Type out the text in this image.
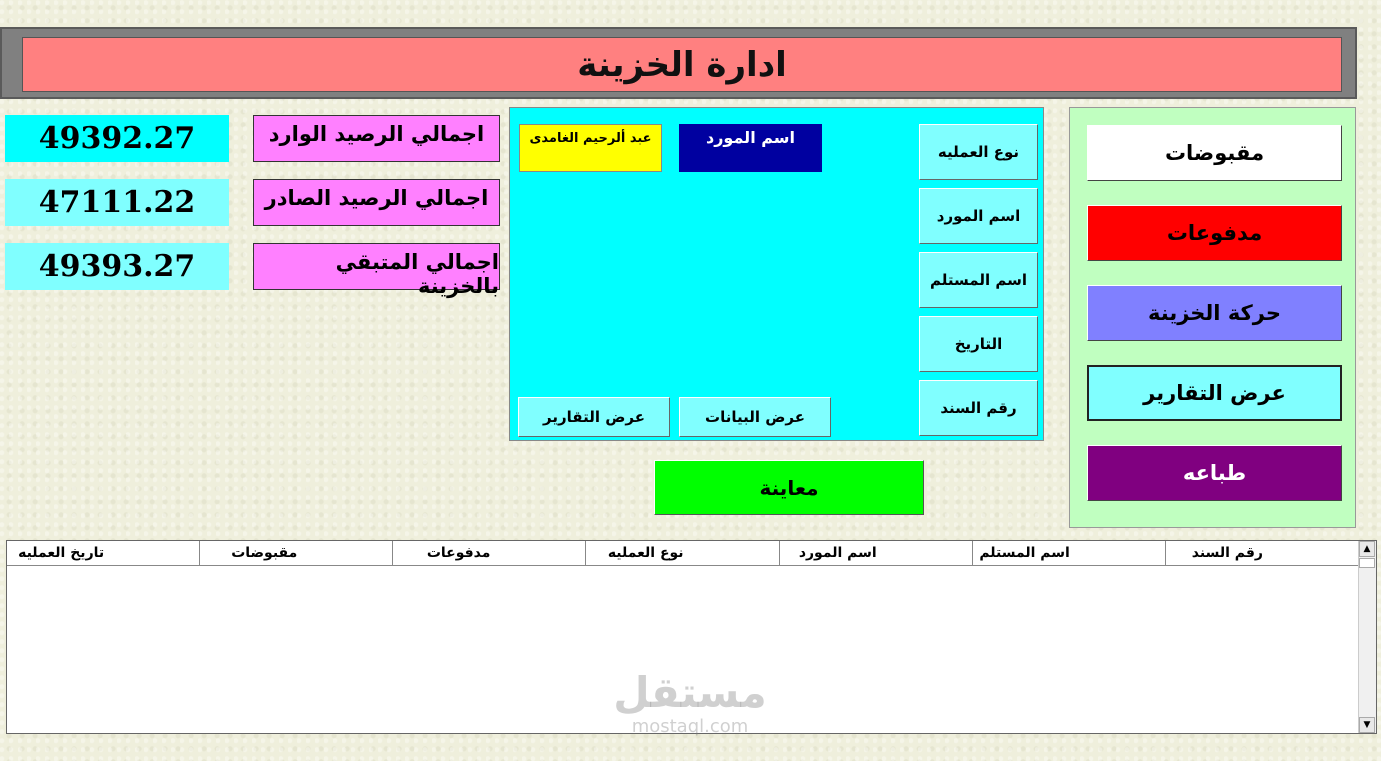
ادارة الخزينة
49392.27	اجمالي الرصيد الوارد
47111.22	اجمالي الرصيد الصادر
49393.27	اجمالي المتبقي بالخزينة
عبد ألرحيم الغامدى	اسم المورد
نوع العمليه
اسم المورد
اسم المستلم
التاريخ
رقم السند
عرض البيانات
عرض التقارير
معاينة
مقبوضات
مدفوعات
حركة الخزينة
عرض التقارير
طباعه
تاريخ العمليه	مقبوضات	مدفوعات	نوع العمليه	اسم المورد	اسم المستلم	رقم السند	▲
▼
مستقل
mostaql.com
